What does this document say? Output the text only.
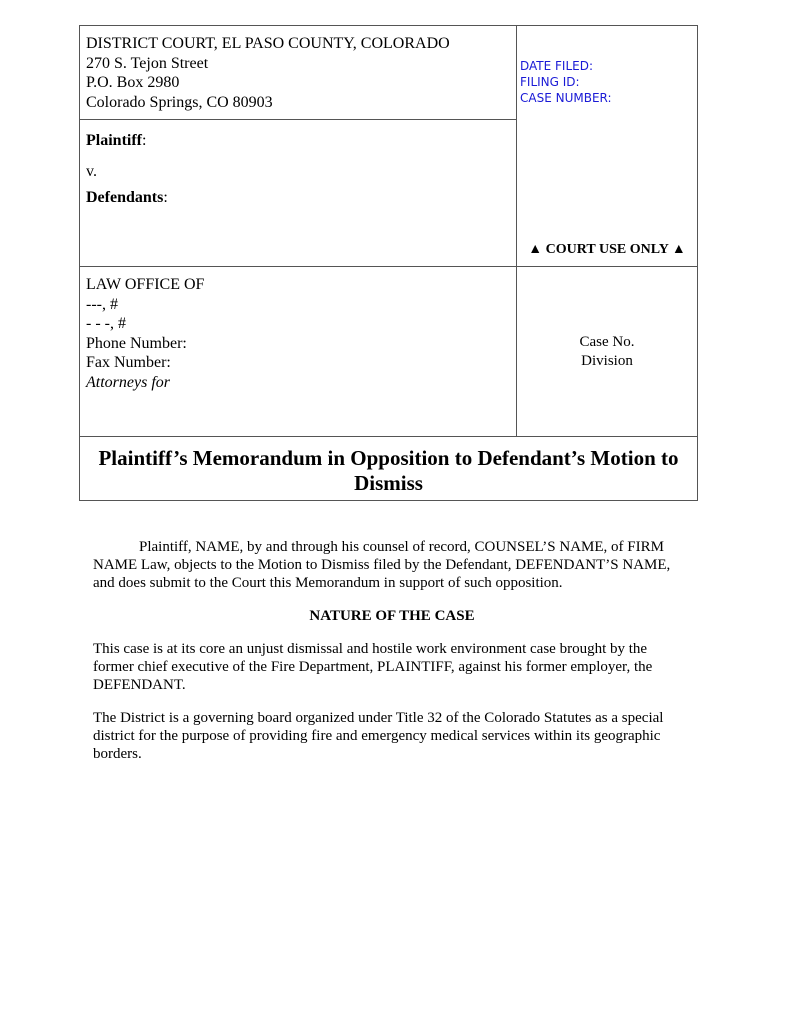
DISTRICT COURT, EL PASO COUNTY, COLORADO
270 S. Tejon Street
P.O. Box 2980
Colorado Springs, CO 80903
DATE FILED:
FILING ID:
CASE NUMBER:
▲ COURT USE ONLY ▲
Plaintiff:
v.
Defendants:
LAW OFFICE OF
---, #
- - -, #
Phone Number:
Fax Number:
Attorneys for
Case No.
Division
Plaintiff’s Memorandum in Opposition to Defendant’s Motion to Dismiss

Plaintiff, NAME, by and through his counsel of record, COUNSEL’S NAME, of FIRM NAME Law, objects to the Motion to Dismiss filed by the Defendant, DEFENDANT’S NAME, and does submit to the Court this Memorandum in support of such opposition.

NATURE OF THE CASE

This case is at its core an unjust dismissal and hostile work environment case brought by the former chief executive of the Fire Department, PLAINTIFF, against his former employer, the DEFENDANT.

The District is a governing board organized under Title 32 of the Colorado Statutes as a special district for the purpose of providing fire and emergency medical services within its geographic borders.
